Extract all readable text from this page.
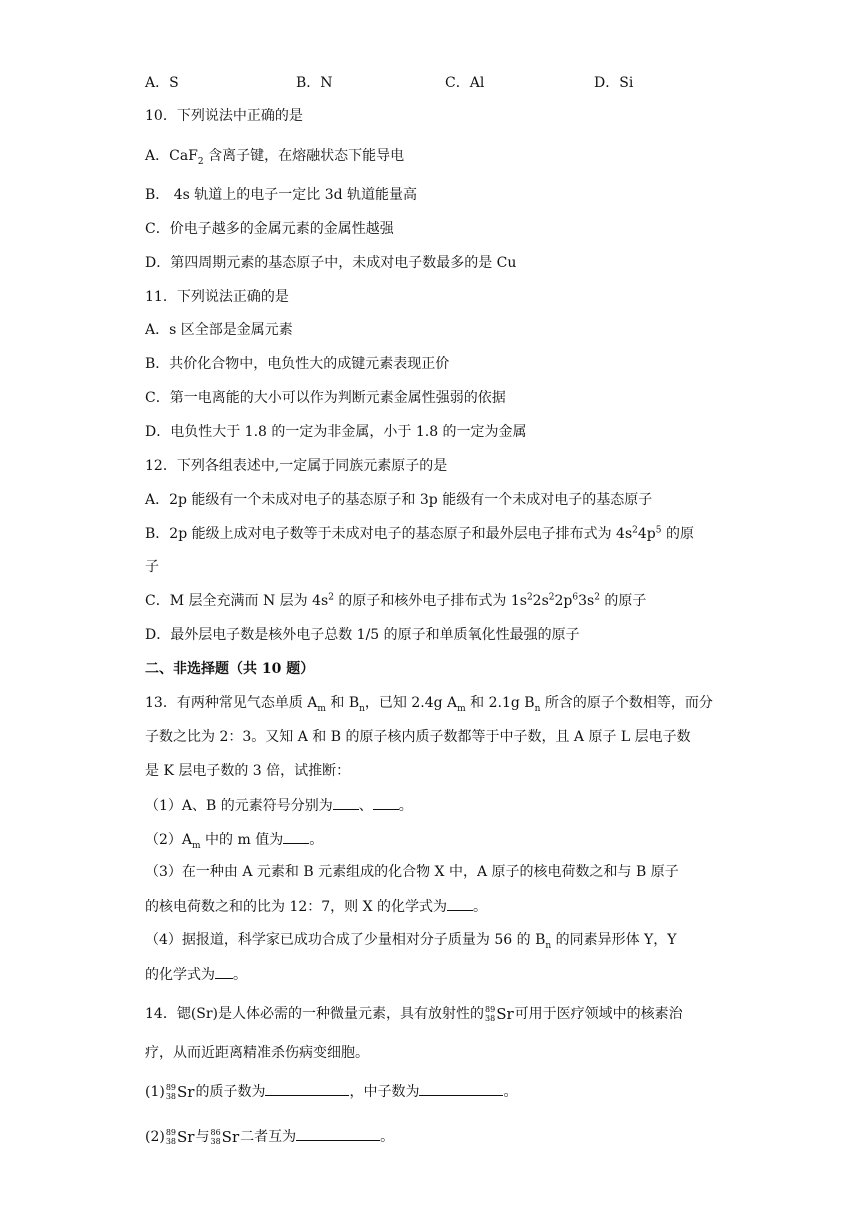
A．S	B．N	C．Al	D．Si
10．下列说法中正确的是
A．CaF$_2$ 含离子键，在熔融状态下能导电
B． 4s 轨道上的电子一定比 3d 轨道能量高
C．价电子越多的金属元素的金属性越强
D．第四周期元素的基态原子中，未成对电子数最多的是 Cu
11．下列说法正确的是
A．s 区全部是金属元素
B．共价化合物中，电负性大的成键元素表现正价
C．第一电离能的大小可以作为判断元素金属性强弱的依据
D．电负性大于 1.8 的一定为非金属，小于 1.8 的一定为金属
12．下列各组表述中,一定属于同族元素原子的是
A．2p 能级有一个未成对电子的基态原子和 3p 能级有一个未成对电子的基态原子
B．2p 能级上成对电子数等于未成对电子的基态原子和最外层电子排布式为 $4s^24p^5$ 的原
子
C．M 层全充满而 N 层为 $4s^2$ 的原子和核外电子排布式为 $1s^22s^22p^63s^2$ 的原子
D．最外层电子数是核外电子总数 1/5 的原子和单质氧化性最强的原子
二、非选择题（共 10 题）
13．有两种常见气态单质 $A_m$ 和 $B_n$，已知 2.4g $A_m$ 和 2.1g $B_n$ 所含的原子个数相等，而分
子数之比为 2：3。又知 A 和 B 的原子核内质子数都等于中子数，且 A 原子 L 层电子数
是 K 层电子数的 3 倍，试推断：
（1）A、B 的元素符号分别为 、 。
$(2)A_m$ 中的 m 值为 。
（3）在一种由 A 元素和 B 元素组成的化合物 X 中，A 原子的核电荷数之和与 B 原子
的核电荷数之和的比为 12：7，则 X 的化学式为 。
（4）据报道，科学家已成功合成了少量相对分子质量为 56 的 $B_n$ 的同素异形体 Y，Y
的化学式为 。
14．锶(Sr)是人体必需的一种微量元素，具有放射性的 89
38 Sr 可用于医疗领域中的核素治
疗，从而近距离精准杀伤病变细胞。
(1) 89
38 Sr 的质子数为	，中子数为	。
(2) 89
38 Sr 与 86
38 Sr 二者互为	。
